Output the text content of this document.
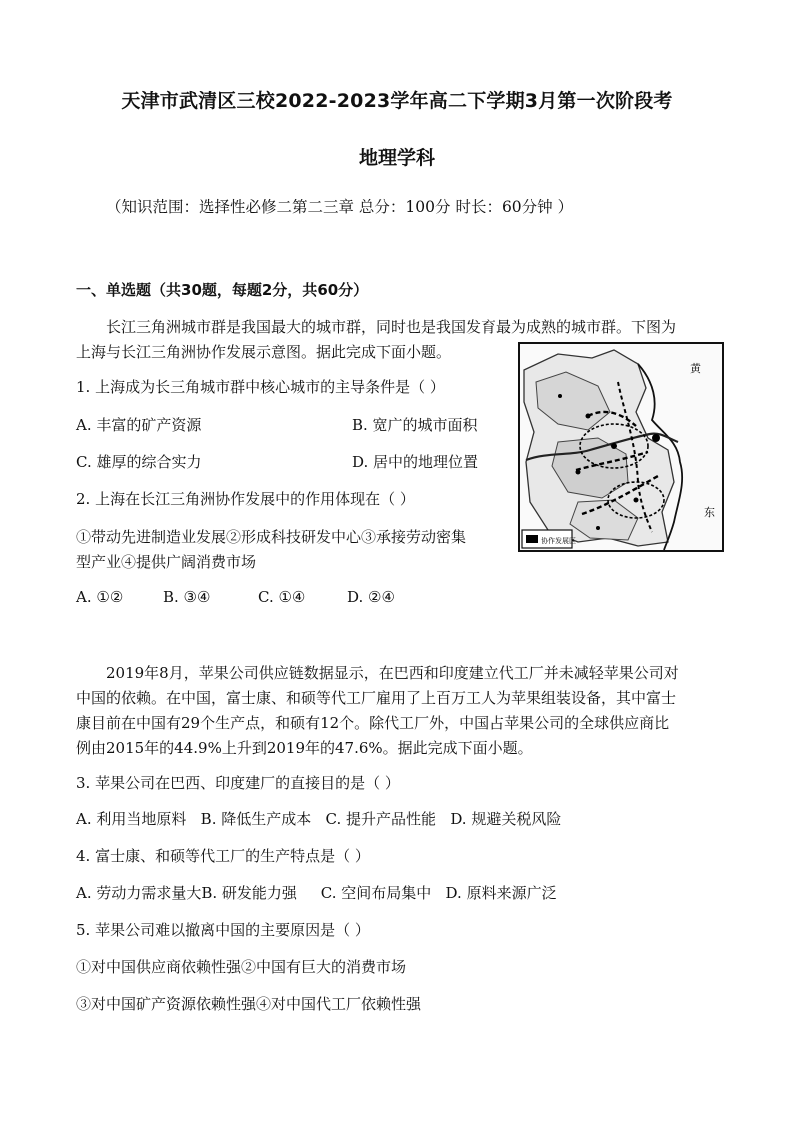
天津市武清区三校2022-2023学年高二下学期3月第一次阶段考
地理学科
（知识范围：选择性必修二第二三章 总分：100分 时长：60分钟 ）
一、单选题（共30题，每题2分，共60分）
长江三角洲城市群是我国最大的城市群，同时也是我国发育最为成熟的城市群。下图为
上海与长江三角洲协作发展示意图。据此完成下面小题。
1. 上海成为长三角城市群中核心城市的主导条件是（ ）
A. 丰富的矿产资源	B. 宽广的城市面积
C. 雄厚的综合实力	D. 居中的地理位置
2. 上海在长江三角洲协作发展中的作用体现在（ ）
①带动先进制造业发展②形成科技研发中心③承接劳动密集
型产业④提供广阔消费市场
A. ①②	B. ③④	C. ①④	D. ②④
协作发展区
黄
东
2019年8月，苹果公司供应链数据显示，在巴西和印度建立代工厂并未减轻苹果公司对
中国的依赖。在中国，富士康、和硕等代工厂雇用了上百万工人为苹果组装设备，其中富士
康目前在中国有29个生产点，和硕有12个。除代工厂外，中国占苹果公司的全球供应商比
例由2015年的44.9%上升到2019年的47.6%。据此完成下面小题。
3. 苹果公司在巴西、印度建厂的直接目的是（ ）
A. 利用当地原料   B. 降低生产成本   C. 提升产品性能   D. 规避关税风险
4. 富士康、和硕等代工厂的生产特点是（ ）
A. 劳动力需求量大B. 研发能力强     C. 空间布局集中   D. 原料来源广泛
5. 苹果公司难以撤离中国的主要原因是（ ）
①对中国供应商依赖性强②中国有巨大的消费市场
③对中国矿产资源依赖性强④对中国代工厂依赖性强
